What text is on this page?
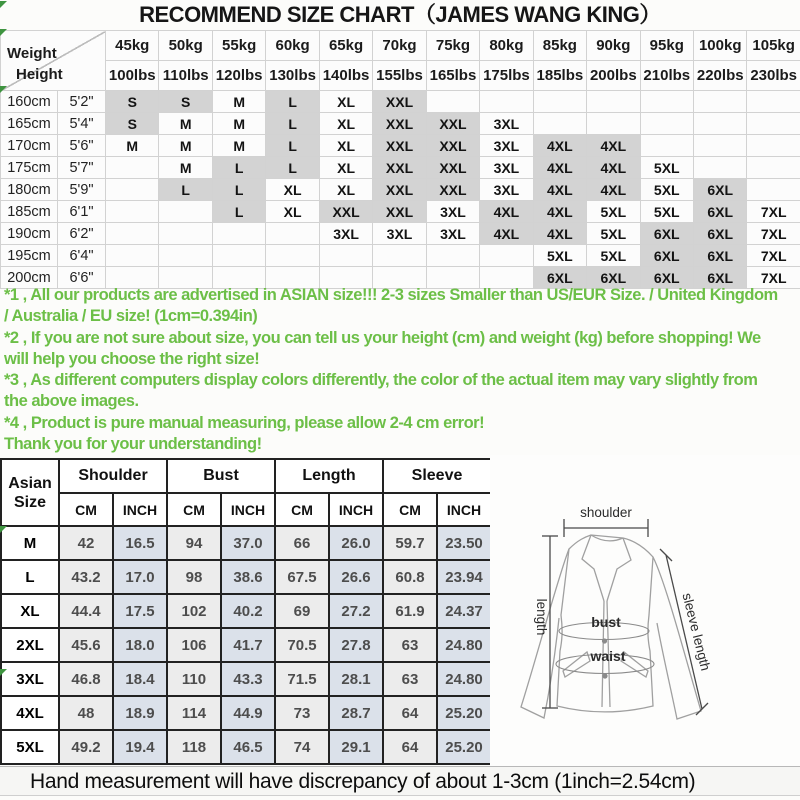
RECOMMEND SIZE CHART（JAMES WANG KING）
Weight
Height		45kg	50kg	55kg	60kg	65kg	70kg	75kg	80kg	85kg	90kg	95kg	100kg	105kg
		100lbs	110lbs	120lbs	130lbs	140lbs	155lbs	165lbs	175lbs	185lbs	200lbs	210lbs	220lbs	230lbs
160cm	5'2"	S	S	M	L	XL	XXL							
165cm	5'4"	S	M	M	L	XL	XXL	XXL	3XL					
170cm	5'6"	M	M	M	L	XL	XXL	XXL	3XL	4XL	4XL			
175cm	5'7"		M	L	L	XL	XXL	XXL	3XL	4XL	4XL	5XL		
180cm	5'9"		L	L	XL	XL	XXL	XXL	3XL	4XL	4XL	5XL	6XL	
185cm	6'1"			L	XL	XXL	XXL	3XL	4XL	4XL	5XL	5XL	6XL	7XL
190cm	6'2"					3XL	3XL	3XL	4XL	4XL	5XL	6XL	6XL	7XL
195cm	6'4"									5XL	5XL	6XL	6XL	7XL
200cm	6'6"									6XL	6XL	6XL	6XL	7XL
*1 , All our products are advertised in ASIAN size!!! 2-3 sizes Smaller than US/EUR Size. / United Kingdom
/ Australia / EU size! (1cm=0.394in)
*2 , If you are not sure about size, you can tell us your height (cm) and weight (kg) before shopping! We
will help you choose the right size!
*3 , As different computers display colors differently, the color of the actual item may vary slightly from
the above images.
*4 , Product is pure manual measuring, please allow 2-4 cm error!
Thank you for your understanding!
Asian Size	Shoulder		Bust		Length		Sleeve	
	CM	INCH	CM	INCH	CM	INCH	CM	INCH
M	42	16.5	94	37.0	66	26.0	59.7	23.50
L	43.2	17.0	98	38.6	67.5	26.6	60.8	23.94
XL	44.4	17.5	102	40.2	69	27.2	61.9	24.37
2XL	45.6	18.0	106	41.7	70.5	27.8	63	24.80
3XL	46.8	18.4	110	43.3	71.5	28.1	63	24.80
4XL	48	18.9	114	44.9	73	28.7	64	25.20
5XL	49.2	19.4	118	46.5	74	29.1	64	25.20
shoulder
length	bust
waist	sleeve length
Hand measurement will have discrepancy of about 1-3cm (1inch=2.54cm)
